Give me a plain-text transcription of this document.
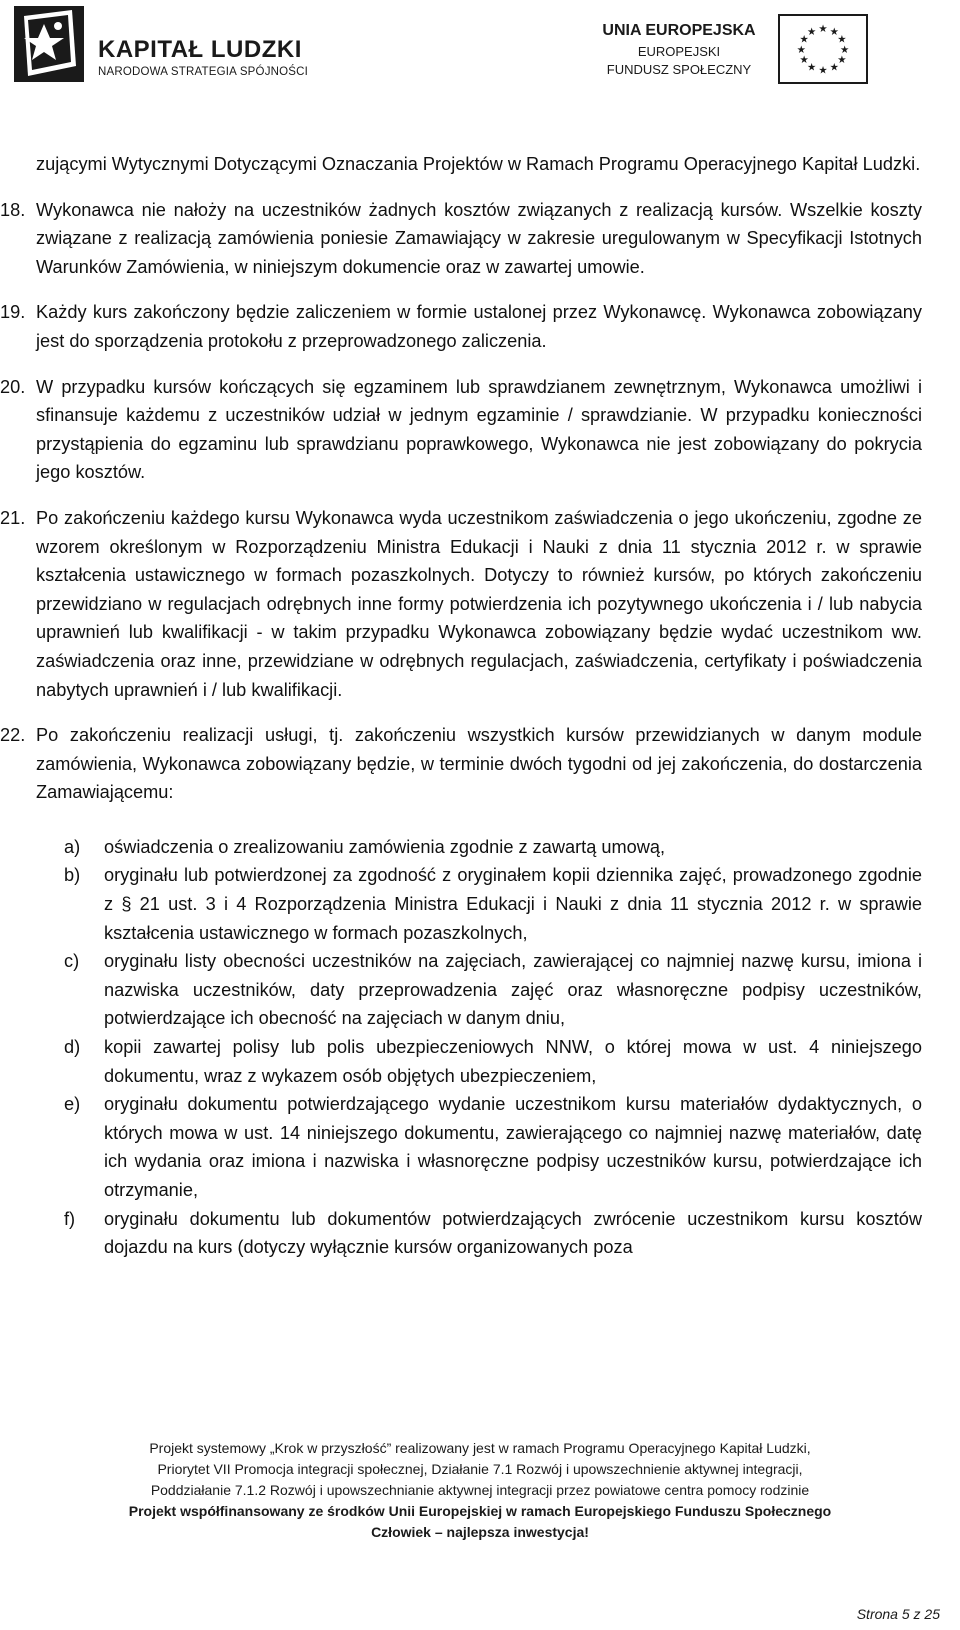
KAPITAŁ LUDZKI
NARODOWA STRATEGIA SPÓJNOŚCI
UNIA EUROPEJSKA
EUROPEJSKI
FUNDUSZ SPOŁECZNY
★ ★
★
★
★
★
★
★
★
★
★
★

zującymi Wytycznymi Dotyczącymi Oznaczania Projektów w Ramach Programu Operacyjnego Kapitał Ludzki.

18. Wykonawca nie nałoży na uczestników żadnych kosztów związanych z realizacją kursów. Wszelkie koszty związane z realizacją zamówienia poniesie Zamawiający w zakresie uregulowanym w Specyfikacji Istotnych Warunków Zamówienia, w niniejszym dokumencie oraz w zawartej umowie.
19. Każdy kurs zakończony będzie zaliczeniem w formie ustalonej przez Wykonawcę. Wykonawca zobowiązany jest do sporządzenia protokołu z przeprowadzonego zaliczenia.
20. W przypadku kursów kończących się egzaminem lub sprawdzianem zewnętrznym, Wykonawca umożliwi i sfinansuje każdemu z uczestników udział w jednym egzaminie / sprawdzianie. W przypadku konieczności przystąpienia do egzaminu lub sprawdzianu poprawkowego, Wykonawca nie jest zobowiązany do pokrycia jego kosztów.
21. Po zakończeniu każdego kursu Wykonawca wyda uczestnikom zaświadczenia o jego ukończeniu, zgodne ze wzorem określonym w Rozporządzeniu Ministra Edukacji i Nauki z dnia 11 stycznia 2012 r. w sprawie kształcenia ustawicznego w formach pozaszkolnych. Dotyczy to również kursów, po których zakończeniu przewidziano w regulacjach odrębnych inne formy potwierdzenia ich pozytywnego ukończenia i / lub nabycia uprawnień lub kwalifikacji - w takim przypadku Wykonawca zobowiązany będzie wydać uczestnikom ww. zaświadczenia oraz inne, przewidziane w odrębnych regulacjach, zaświadczenia, certyfikaty i poświadczenia nabytych uprawnień i / lub kwalifikacji.
22. Po zakończeniu realizacji usługi, tj. zakończeniu wszystkich kursów przewidzianych w danym module zamówienia, Wykonawca zobowiązany będzie, w terminie dwóch tygodni od jej zakończenia, do dostarczenia Zamawiającemu:
a)	oświadczenia o zrealizowaniu zamówienia zgodnie z zawartą umową,
b)	oryginału lub potwierdzonej za zgodność z oryginałem kopii dziennika zajęć, prowadzonego zgodnie z § 21 ust. 3 i 4 Rozporządzenia Ministra Edukacji i Nauki z dnia 11 stycznia 2012 r. w sprawie kształcenia ustawicznego w formach pozaszkolnych,
c)	oryginału listy obecności uczestników na zajęciach, zawierającej co najmniej nazwę kursu, imiona i nazwiska uczestników, daty przeprowadzenia zajęć oraz własnoręczne podpisy uczestników, potwierdzające ich obecność na zajęciach w danym dniu,
d)	kopii zawartej polisy lub polis ubezpieczeniowych NNW, o której mowa w ust. 4 niniejszego dokumentu, wraz z wykazem osób objętych ubezpieczeniem,
e)	oryginału dokumentu potwierdzającego wydanie uczestnikom kursu materiałów dydaktycznych, o których mowa w ust. 14 niniejszego dokumentu, zawierającego co najmniej nazwę materiałów, datę ich wydania oraz imiona i nazwiska i własnoręczne podpisy uczestników kursu, potwierdzające ich otrzymanie,
f)	oryginału dokumentu lub dokumentów potwierdzających zwrócenie uczestnikom kursu kosztów dojazdu na kurs (dotyczy wyłącznie kursów organizowanych poza
Projekt systemowy „Krok w przyszłość” realizowany jest w ramach Programu Operacyjnego Kapitał Ludzki,
Priorytet VII Promocja integracji społecznej, Działanie 7.1 Rozwój i upowszechnienie aktywnej integracji,
Poddziałanie 7.1.2 Rozwój i upowszechnianie aktywnej integracji przez powiatowe centra pomocy rodzinie
Projekt współfinansowany ze środków Unii Europejskiej w ramach Europejskiego Funduszu Społecznego
Człowiek – najlepsza inwestycja!
Strona 5 z 25
